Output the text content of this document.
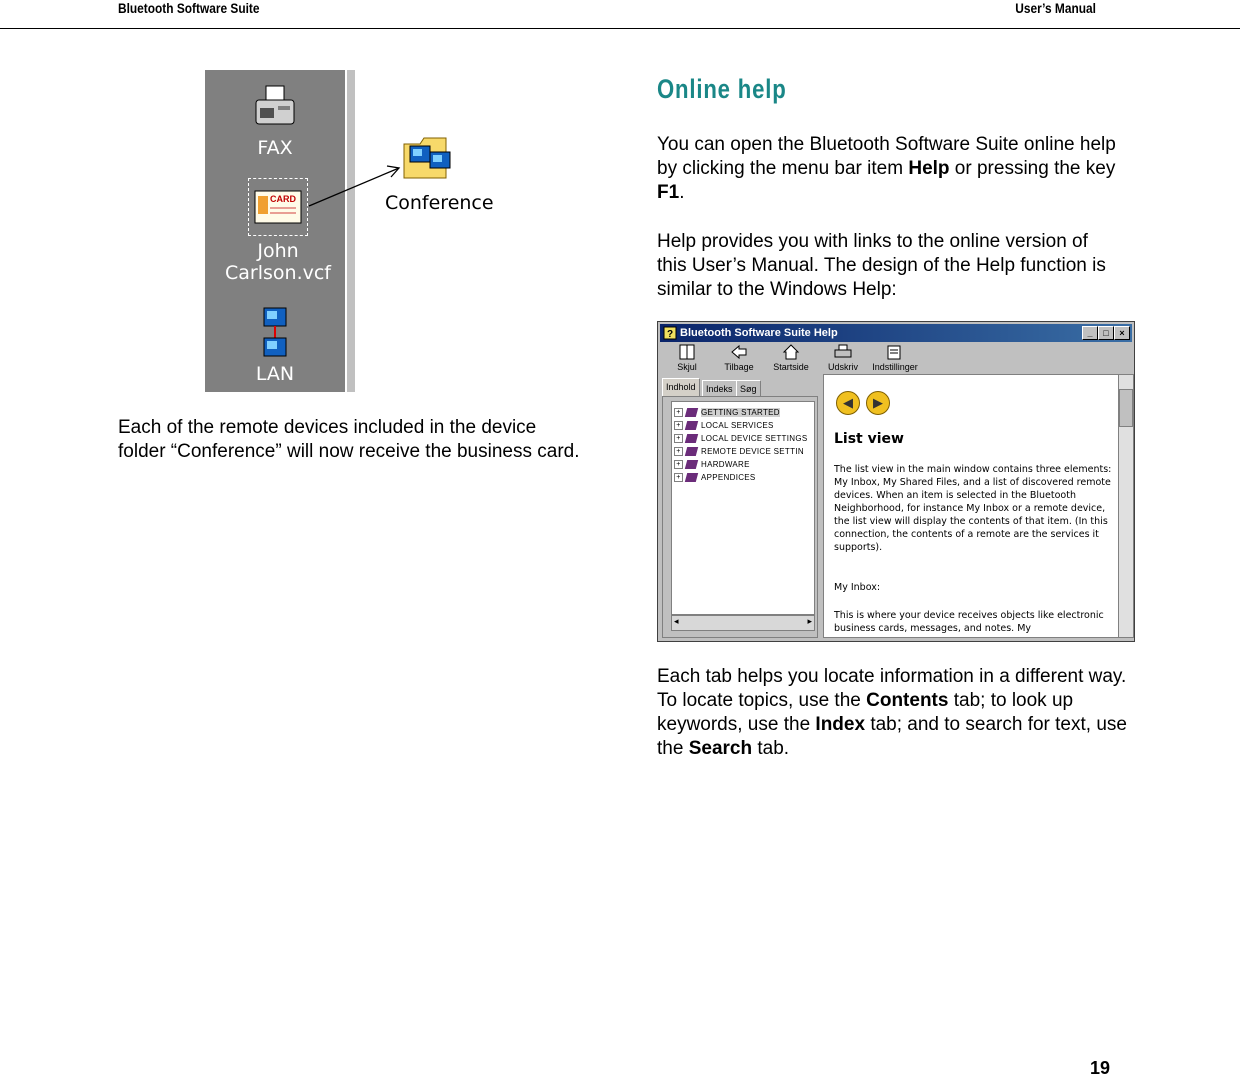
Bluetooth Software Suite	User’s Manual
FAX
CARD
John
Carlson.vcf
LAN
Conference

Each of the remote devices included in the device folder “Conference” will now receive the business card.

Online help

You can open the Bluetooth Software Suite online help by clicking the menu bar item Help or pressing the key F1.

Help provides you with links to the online version of this User’s Manual. The design of the Help function is similar to the Windows Help:

? Bluetooth Software Suite Help	_	□	×
Skjul	Tilbage	Startside	Udskriv	Indstillinger
Indhold	Indeks Søg
+	GETTING STARTED
+	LOCAL SERVICES
+	LOCAL DEVICE SETTINGS
+	REMOTE DEVICE SETTIN
+	HARDWARE
+	APPENDICES
◂	▸
◀	▶
List view

The list view in the main window contains three elements: My Inbox, My Shared Files, and a list of discovered remote devices. When an item is selected in the Bluetooth Neighborhood, for instance My Inbox or a remote device, the list view will display the contents of that item. (In this connection, the contents of a remote are the services it supports).

My Inbox:

This is where your device receives objects like electronic business cards, messages, and notes. My

Each tab helps you locate information in a different way. To locate topics, use the Contents tab; to look up keywords, use the Index tab; and to search for text, use the Search tab.

19
